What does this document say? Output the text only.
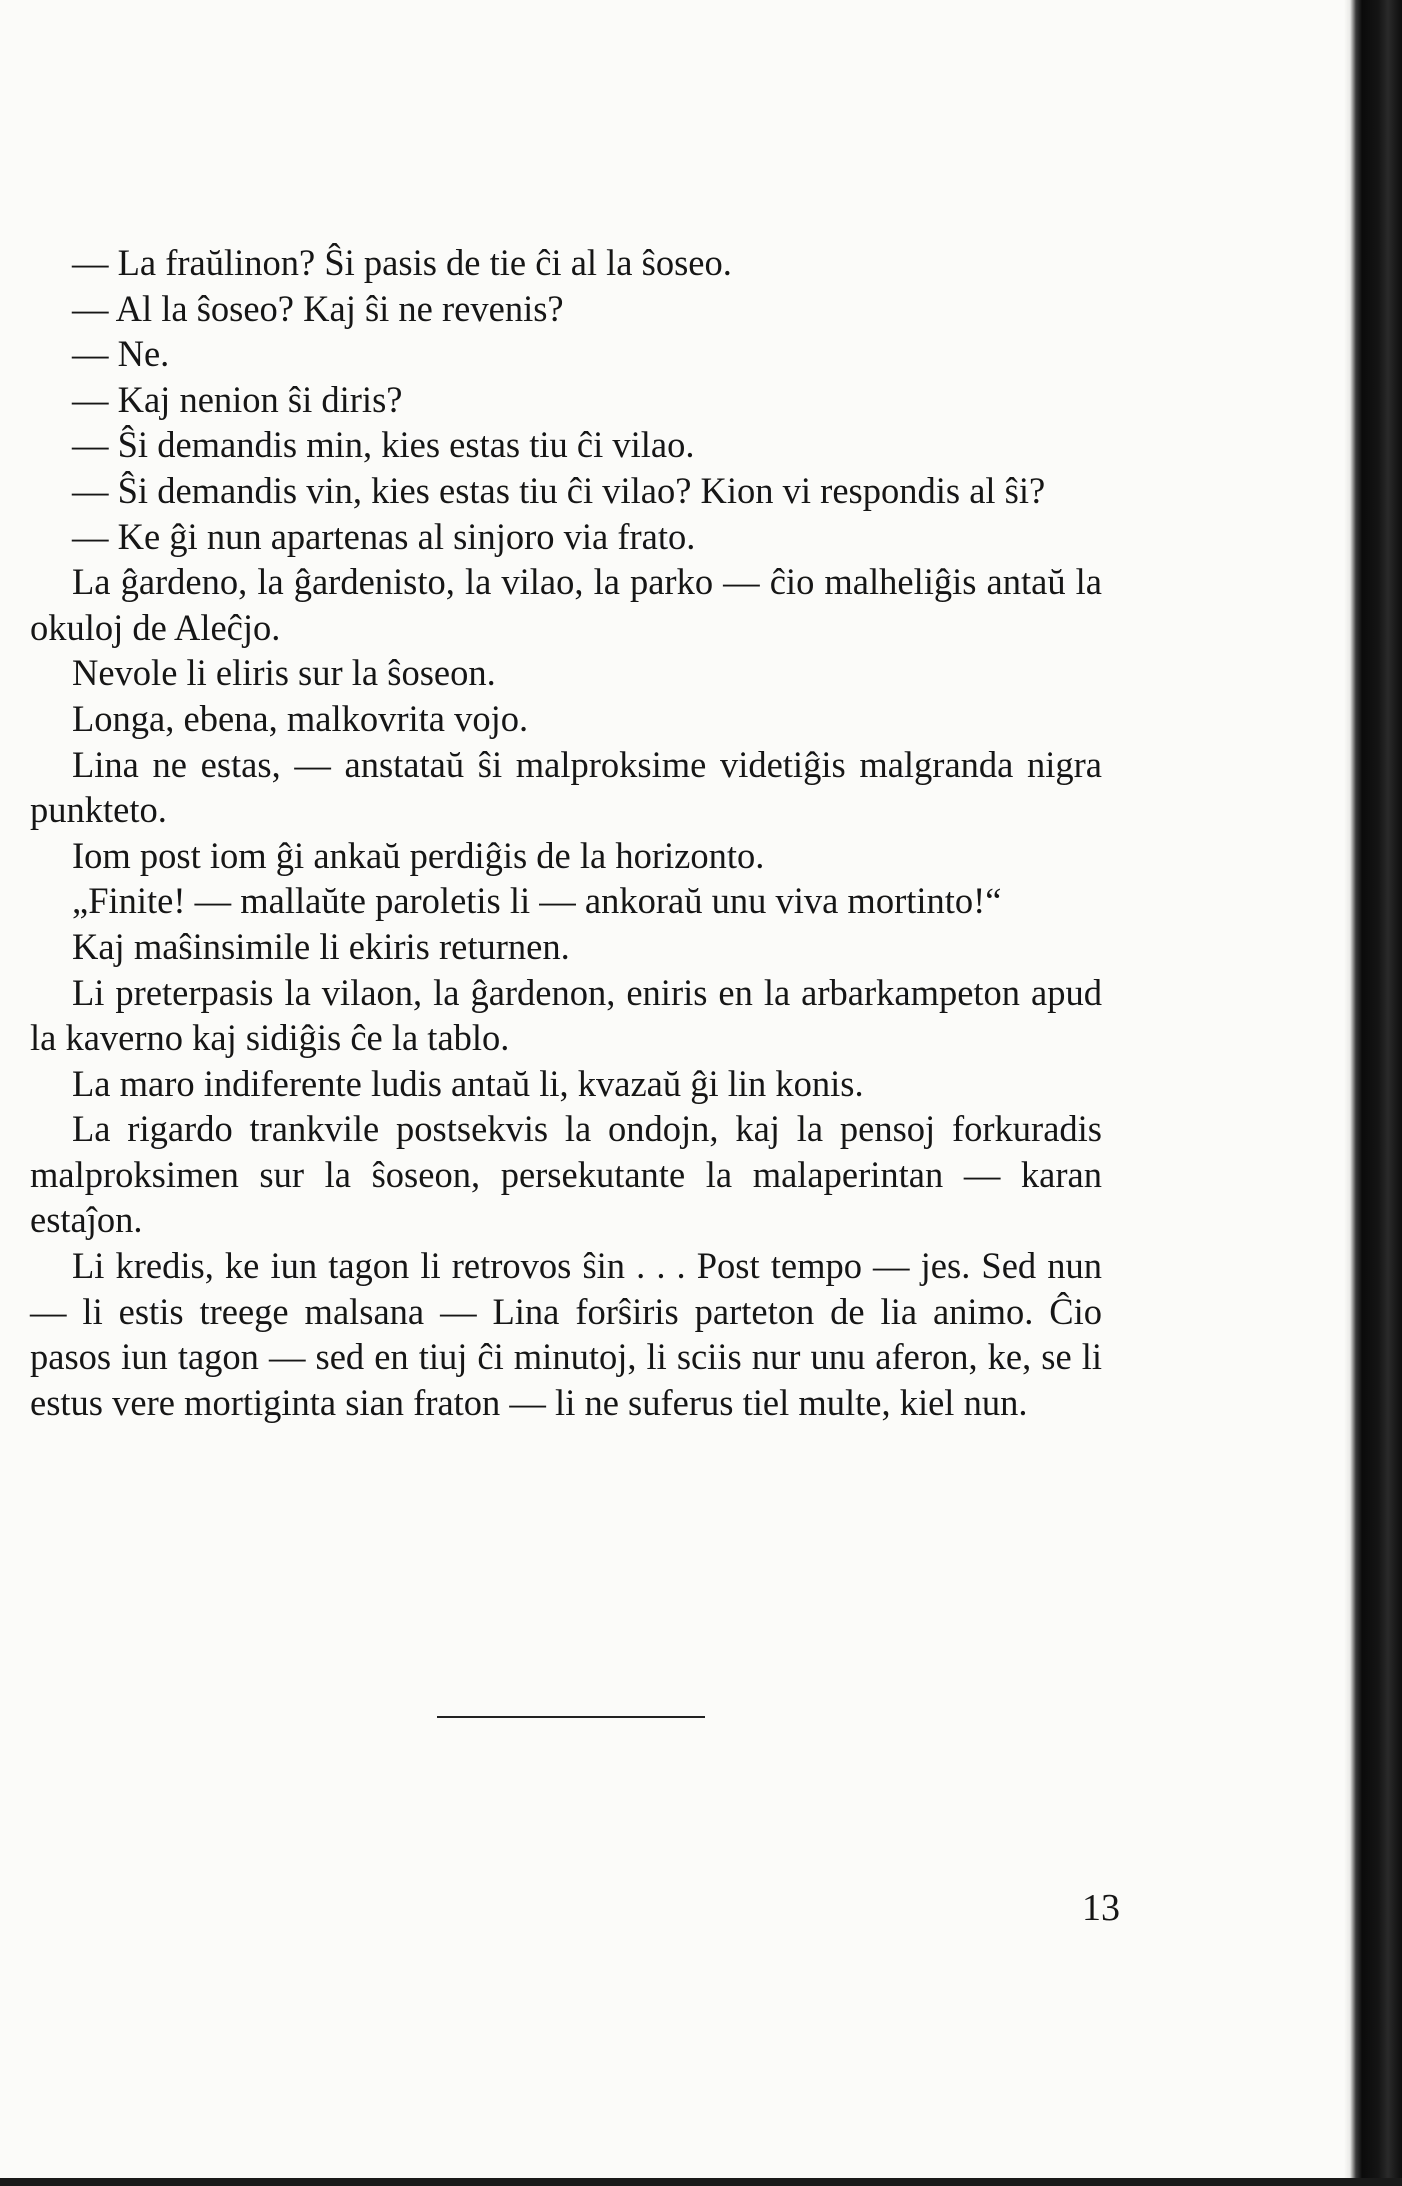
— La fraŭlinon? Ŝi pasis de tie ĉi al la ŝoseo.

— Al la ŝoseo? Kaj ŝi ne revenis?

— Ne.

— Kaj nenion ŝi diris?

— Ŝi demandis min, kies estas tiu ĉi vilao.

— Ŝi demandis vin, kies estas tiu ĉi vilao? Kion vi respondis al ŝi?

— Ke ĝi nun apartenas al sinjoro via frato.

La ĝardeno, la ĝardenisto, la vilao, la parko — ĉio malheliĝis antaŭ la okuloj de Aleĉjo.

Nevole li eliris sur la ŝoseon.

Longa, ebena, malkovrita vojo.

Lina ne estas, — anstataŭ ŝi malproksime videtiĝis malgranda nigra punkteto.

Iom post iom ĝi ankaŭ perdiĝis de la horizonto.

„Finite! — mallaŭte paroletis li — ankoraŭ unu viva mortinto!“

Kaj maŝinsimile li ekiris returnen.

Li preterpasis la vilaon, la ĝardenon, eniris en la arbarkampeton apud la kaverno kaj sidiĝis ĉe la tablo.

La maro indiferente ludis antaŭ li, kvazaŭ ĝi lin konis.

La rigardo trankvile postsekvis la ondojn, kaj la pensoj forkuradis malproksimen sur la ŝoseon, persekutante la malaperintan — karan estaĵon.

Li kredis, ke iun tagon li retrovos ŝin . . . Post tempo — jes. Sed nun — li estis treege malsana — Lina forŝiris parteton de lia animo. Ĉio pasos iun tagon — sed en tiuj ĉi minutoj, li sciis nur unu aferon, ke, se li estus vere mortiginta sian fraton — li ne suferus tiel multe, kiel nun.

13
